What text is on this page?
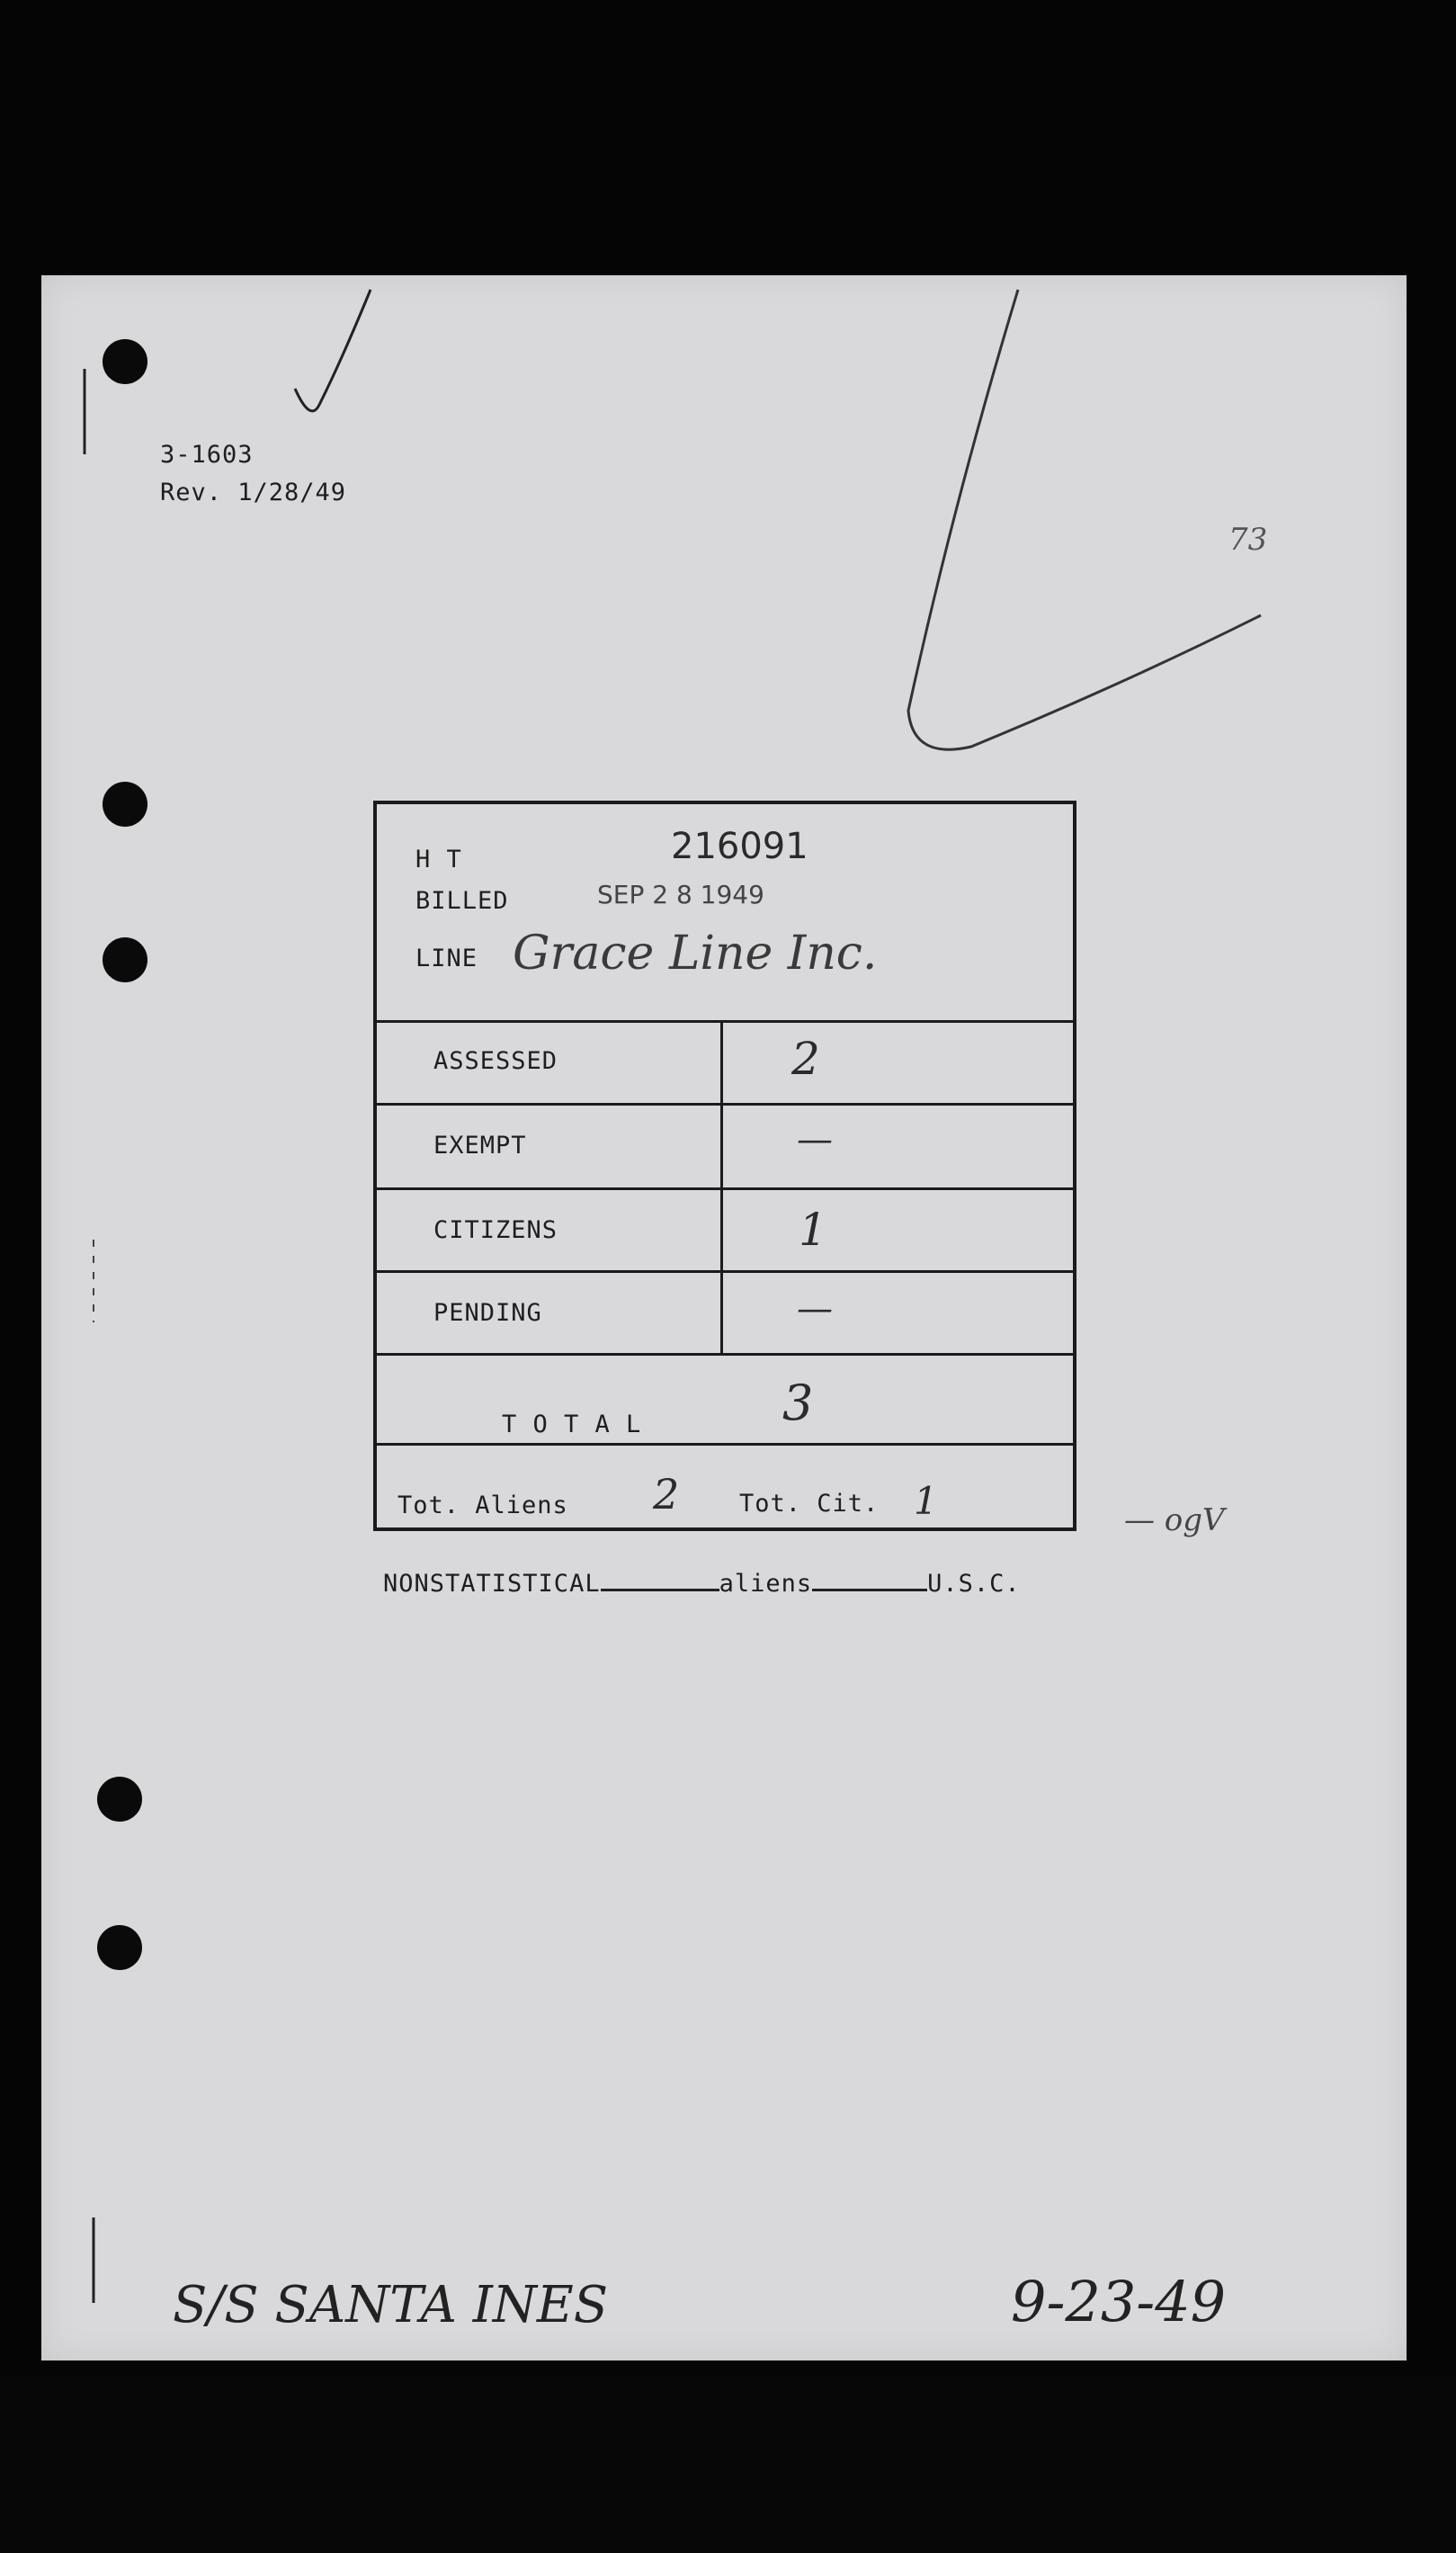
3-1603
Rev. 1/28/49
73
H T	216091
BILLED	SEP 2 8 1949
LINE Grace Line Inc.
ASSESSED	2
EXEMPT	—
CITIZENS	1
PENDING	—
T O T A L	3
Tot. Aliens 2 Tot. Cit. 1	— ogV
NONSTATISTICAL	aliens	U.S.C.
S/S SANTA INES	9-23-49
